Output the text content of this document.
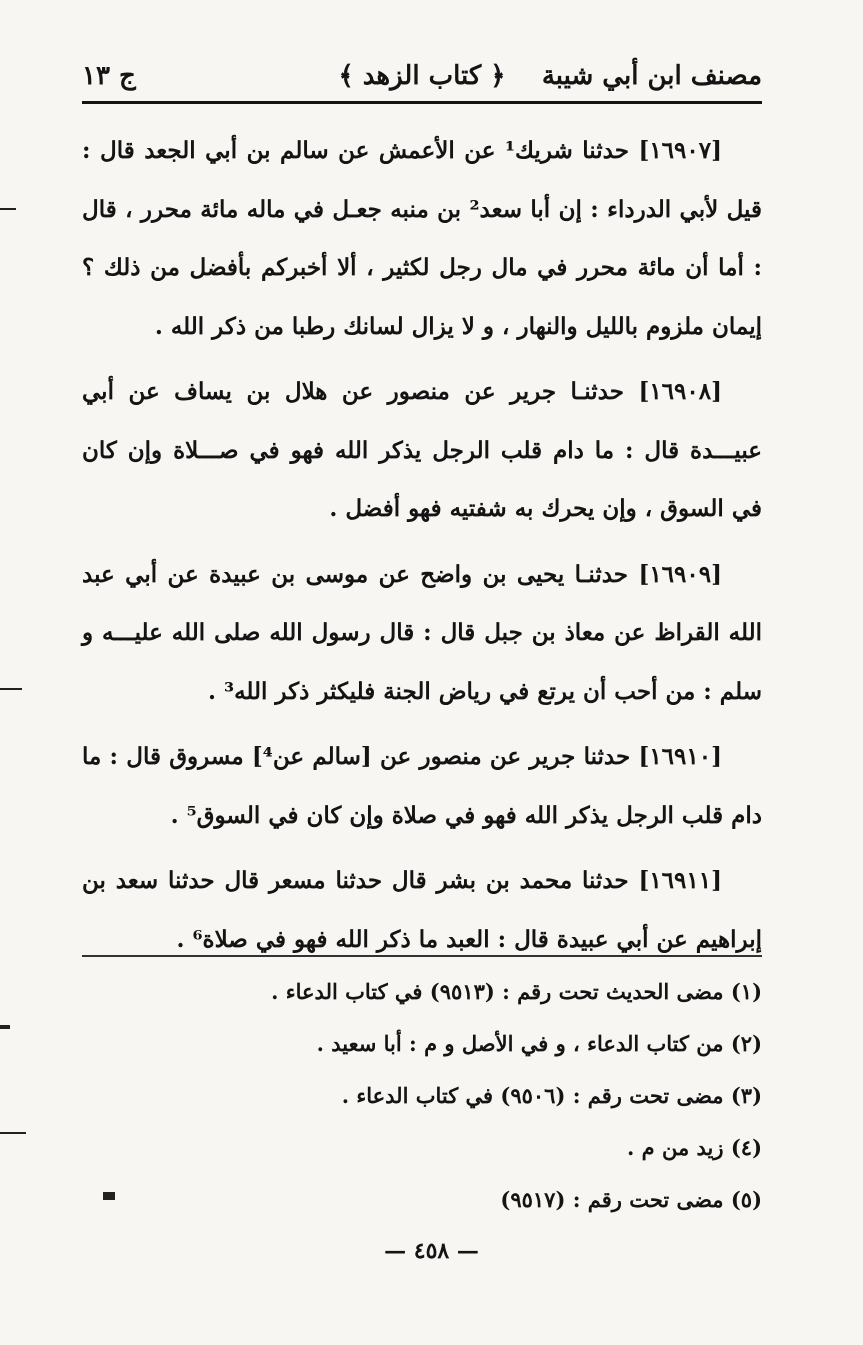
مصنف ابن أبي شيبة
﴿ كتاب الزهد ﴾
ج ١٣

[١٦٩٠٧] حدثنا شريك¹ عن الأعمش عن سالم بن أبي الجعد قال : قيل لأبي الدرداء : إن أبا سعد² بن منبه جعـل في ماله مائة محرر ، قال : أما أن مائة محرر في مال رجل لكثير ، ألا أخبركم بأفضل من ذلك ؟ إيمان ملزوم بالليل والنهار ، و لا يزال لسانك رطبا من ذكر الله .

[١٦٩٠٨] حدثنـا جرير عن منصور عن هلال بن يساف عن أبي عبيـــدة قال : ما دام قلب الرجل يذكر الله فهو في صـــلاة وإن كان في السوق ، وإن يحرك به شفتيه فهو أفضل .

[١٦٩٠٩] حدثنـا يحيى بن واضح عن موسى بن عبيدة عن أبي عبد الله القراظ عن معاذ بن جبل قال : قال رسول الله صلى الله عليـــه و سلم : من أحب أن يرتع في رياض الجنة فليكثر ذكر الله³ .

[١٦٩١٠] حدثنا جرير عن منصور عن [سالم عن⁴] مسروق قال : ما دام قلب الرجل يذكر الله فهو في صلاة وإن كان في السوق⁵ .

[١٦٩١١] حدثنا محمد بن بشر قال حدثنا مسعر قال حدثنا سعد بن إبراهيم عن أبي عبيدة قال : العبد ما ذكر الله فهو في صلاة⁶ .

(١) مضى الحديث تحت رقم : (٩٥١٣) في كتاب الدعاء .
(٢) من كتاب الدعاء ، و في الأصل و م : أبا سعيد .
(٣) مضى تحت رقم : (٩٥٠٦) في كتاب الدعاء .
(٤) زيد من م .
(٥) مضى تحت رقم : (٩٥١٧)
— ٤٥٨ —
